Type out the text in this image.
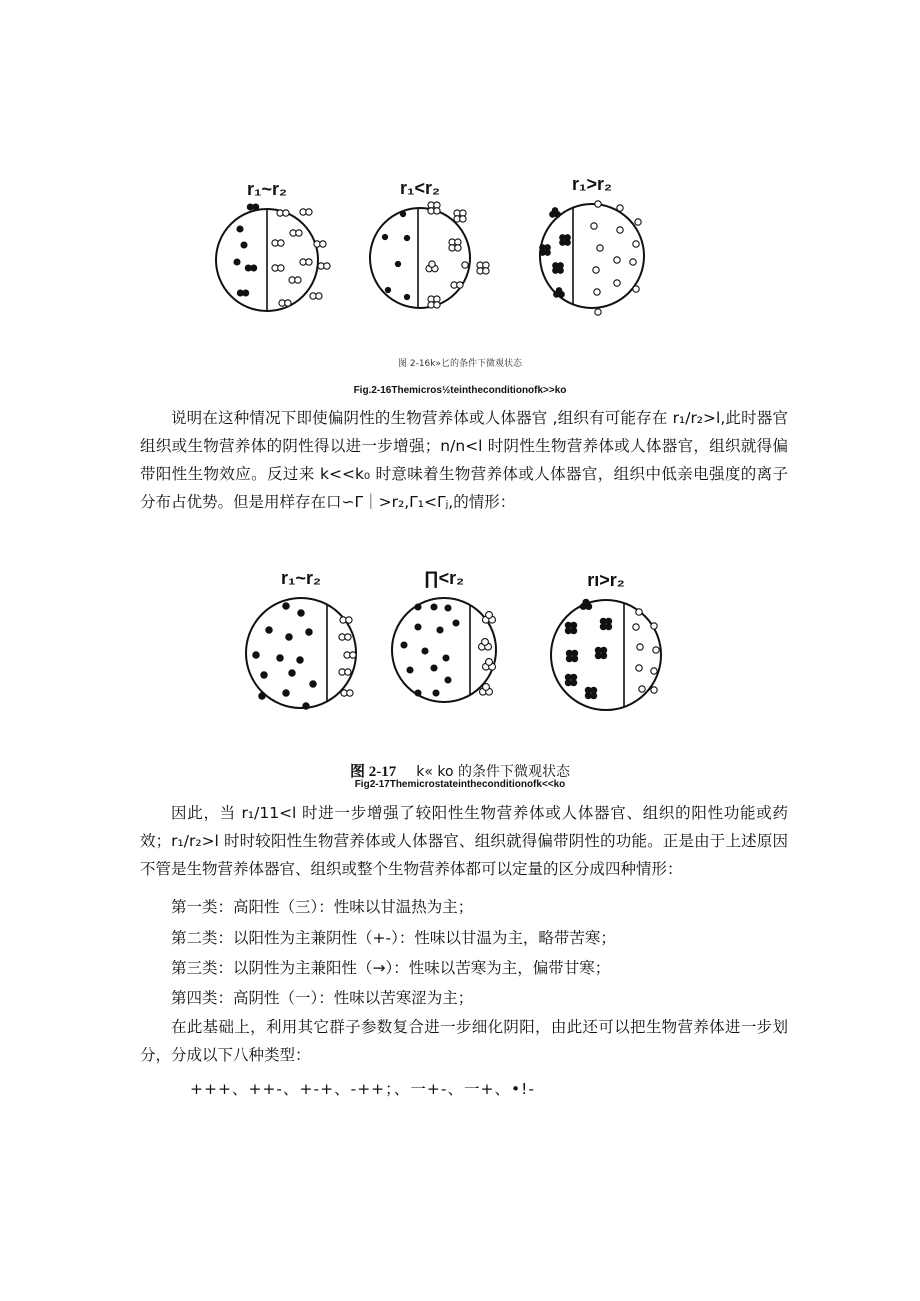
r₁~r₂	r₁<r₂	r₁>r₂
图 2-16k»匕的条件下微观状态
Fig.2-16Themicros½teintheconditionofk>>ko
说明在这种情况下即使偏阴性的生物营养体或人体器官 ,组织有可能存在 r₁/r₂>l,此时器官组织或生物营养体的阴性得以进一步增强；n/n<l 时阴性生物营养体或人体器官，组织就得偏带阳性生物效应。反过来 k<<k₀ 时意味着生物营养体或人体器官，组织中低亲电强度的离子分布占优势。但是用样存在口∽Γ｜>r₂,Γ₁<Γⱼ,的情形：
r₁~r₂	∏<r₂	rı>r₂
图 2-17 k« ko 的条件下微观状态
Fig2-17Themicrostateintheconditionofk<<ko
因此，当 r₁/11<l 时进一步增强了较阳性生物营养体或人体器官、组织的阳性功能或药效；r₁/r₂>l 时时较阳性生物营养体或人体器官、组织就得偏带阴性的功能。正是由于上述原因不管是生物营养体器官、组织或整个生物营养体都可以定量的区分成四种情形：
第一类：高阳性（三）：性味以甘温热为主；
第二类：以阳性为主兼阴性（+-）：性味以甘温为主，略带苦寒；
第三类：以阴性为主兼阳性（→）：性味以苦寒为主，偏带甘寒；
第四类：高阴性（一）：性味以苦寒涩为主；
在此基础上，利用其它群子参数复合进一步细化阴阳，由此还可以把生物营养体进一步划分，分成以下八种类型：
+++、++-、+-+、-++；、一+-、一+、•!-
